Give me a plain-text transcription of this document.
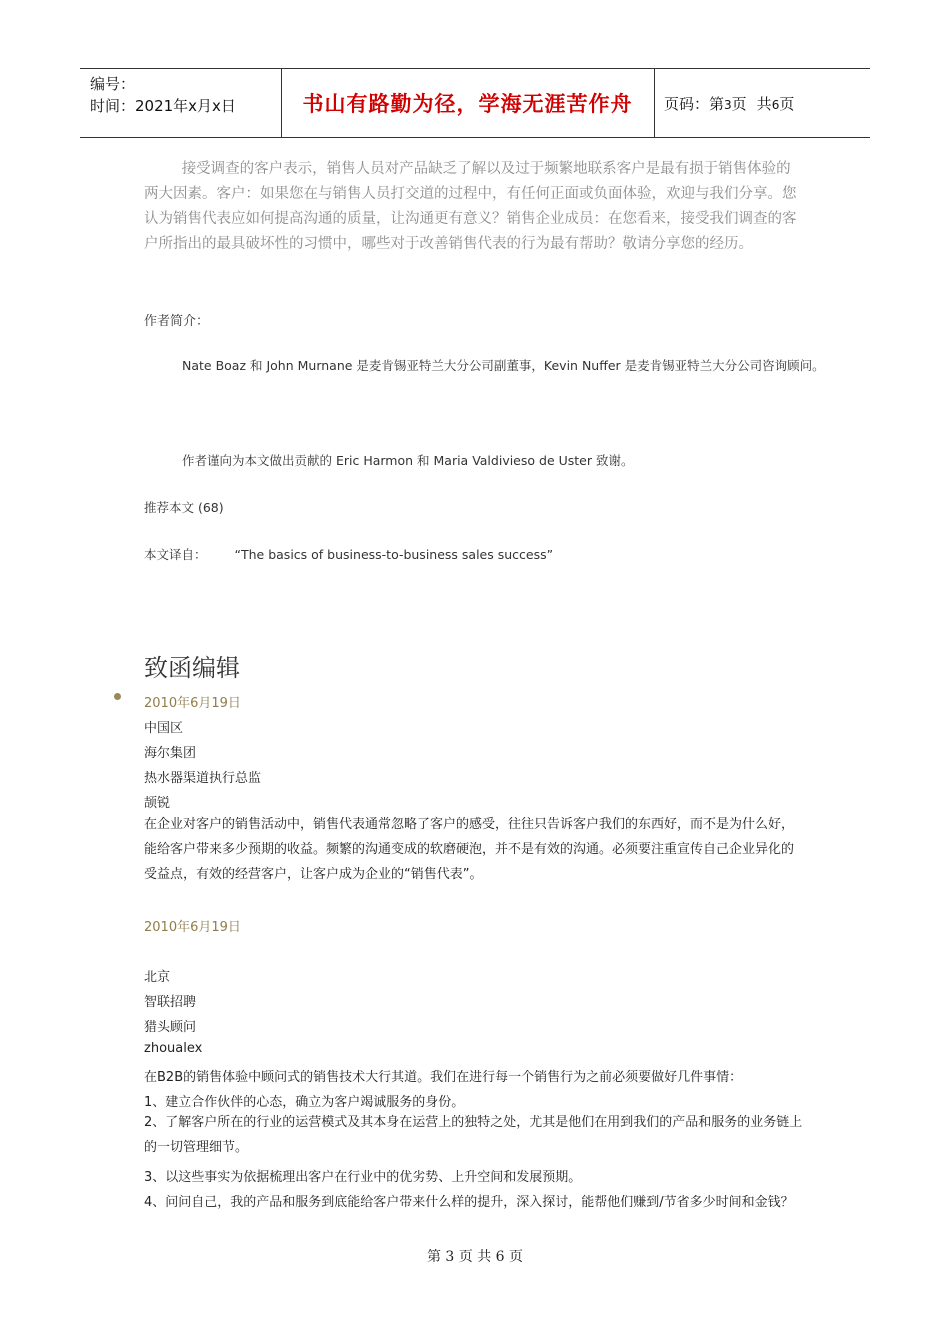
编号：
时间：2021年x月x日	书山有路勤为径，学海无涯苦作舟	页码：第3页 共6页

接受调查的客户表示，销售人员对产品缺乏了解以及过于频繁地联系客户是最有损于销售体验的两大因素。客户：如果您在与销售人员打交道的过程中，有任何正面或负面体验，欢迎与我们分享。您认为销售代表应如何提高沟通的质量，让沟通更有意义？销售企业成员：在您看来，接受我们调查的客户所指出的最具破坏性的习惯中，哪些对于改善销售代表的行为最有帮助？敬请分享您的经历。

作者简介：
Nate Boaz 和 John Murnane 是麦肯锡亚特兰大分公司副董事，Kevin Nuffer 是麦肯锡亚特兰大分公司咨询顾问。
作者谨向为本文做出贡献的 Eric Harmon 和 Maria Valdivieso de Uster 致谢。
推荐本文 (68)
本文译自： “The basics of business-to-business sales success”
致函编辑
2010年6月19日
中国区
海尔集团
热水器渠道执行总监
颉锐

在企业对客户的销售活动中，销售代表通常忽略了客户的感受，往往只告诉客户我们的东西好，而不是为什么好，能给客户带来多少预期的收益。频繁的沟通变成的软磨硬泡，并不是有效的沟通。必须要注重宣传自己企业异化的受益点，有效的经营客户，让客户成为企业的“销售代表”。

2010年6月19日
北京
智联招聘
猎头顾问
zhoualex
在B2B的销售体验中顾问式的销售技术大行其道。我们在进行每一个销售行为之前必须要做好几件事情：
1、建立合作伙伴的心态，确立为客户竭诚服务的身份。

2、了解客户所在的行业的运营模式及其本身在运营上的独特之处，尤其是他们在用到我们的产品和服务的业务链上的一切管理细节。

3、以这些事实为依据梳理出客户在行业中的优劣势、上升空间和发展预期。
4、问问自己，我的产品和服务到底能给客户带来什么样的提升，深入探讨，能帮他们赚到/节省多少时间和金钱？
第 3 页 共 6 页
